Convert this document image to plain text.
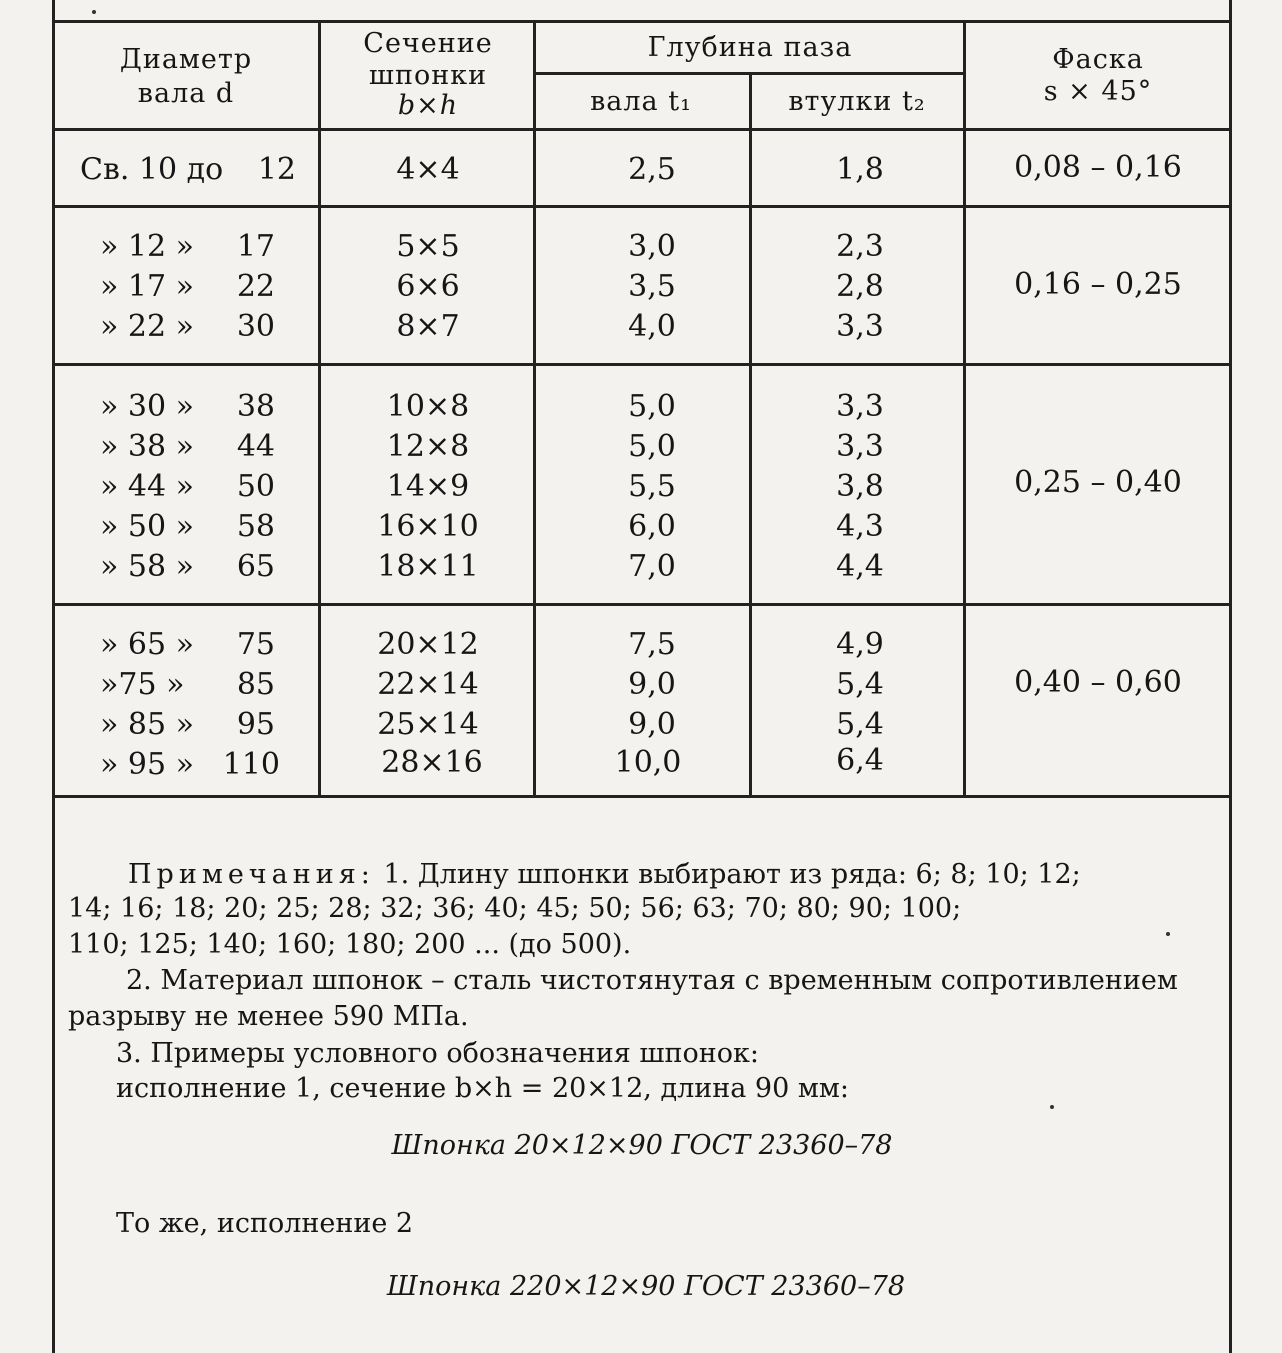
Диаметр
вала d
Сечение
шпонки
b×h
Глубина паза
вала t₁	втулки t₂
Фаска
s × 45°
Св. 10 до 12	4×4	2,5	1,8	0,08 – 0,16
» 12 » 17	5×5	3,0	2,3
» 17 » 22	6×6	3,5	2,8
» 22 » 30	8×7	4,0	3,3
0,16 – 0,25
» 30 » 38	10×8	5,0	3,3
» 38 » 44	12×8	5,0	3,3
» 44 » 50	14×9	5,5	3,8
» 50 » 58	16×10	6,0	4,3
» 58 » 65	18×11	7,0	4,4
0,25 – 0,40
» 65 » 75	20×12	7,5	4,9
»75 » 85	22×14	9,0	5,4
» 85 » 95	25×14	9,0	5,4
» 95 » 110	28×16	10,0	6,4
0,40 – 0,60
Примечания: 1. Длину шпонки выбирают из ряда: 6; 8; 10; 12;
14; 16; 18; 20; 25; 28; 32; 36; 40; 45; 50; 56; 63; 70; 80; 90; 100;
110; 125; 140; 160; 180; 200 ... (до 500).
2. Материал шпонок – сталь чистотянутая с временным сопротивлением
разрыву не менее 590 МПа.
3. Примеры условного обозначения шпонок:
исполнение 1, сечение b×h = 20×12, длина 90 мм:
Шпонка 20×12×90 ГОСТ 23360–78
То же, исполнение 2
Шпонка 220×12×90 ГОСТ 23360–78
